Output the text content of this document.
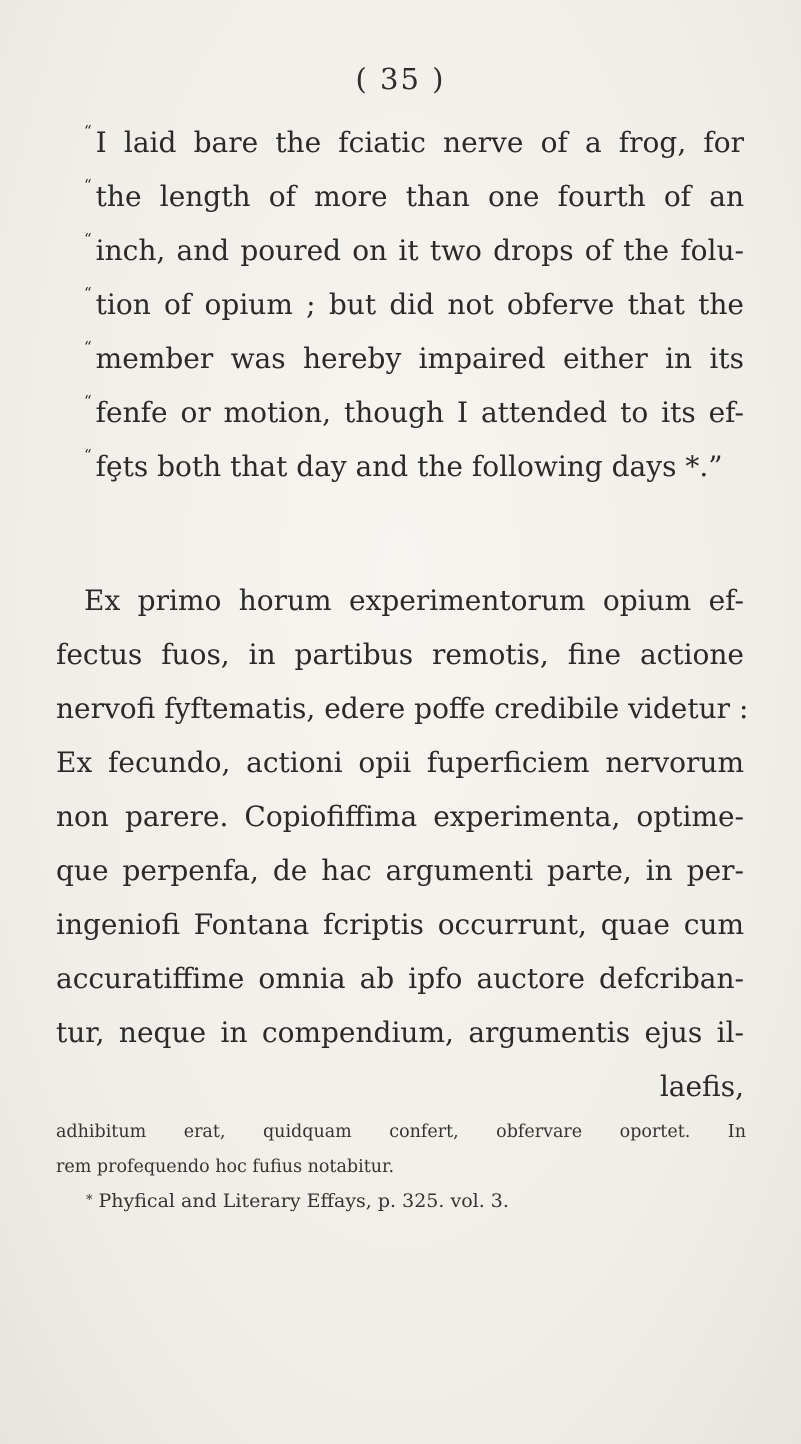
( 35 )
“ I laid bare the fciatic nerve of a frog, for
“ the length of more than one fourth of an
“ inch, and poured on it two drops of the folu-
“ tion of opium ; but did not obferve that the
“ member was hereby impaired either in its
“ fenfe or motion, though I attended to its ef-
“ fȩts both that day and the following days *.”
Ex primo horum experimentorum opium ef-
fectus fuos, in partibus remotis, fine actione
nervofi fyftematis, edere poffe credibile videtur :
Ex fecundo, actioni opii fuperficiem nervorum
non parere. Copiofiffima experimenta, optime-
que perpenfa, de hac argumenti parte, in per-
ingeniofi Fontana fcriptis occurrunt, quae cum
accuratiffime omnia ab ipfo auctore defcriban-
tur, neque in compendium, argumentis ejus il-
laefis,
adhibitum erat, quidquam confert, obfervare oportet. In
rem profequendo hoc fufius notabitur.
* Phyfical and Literary Effays, p. 325. vol. 3.
